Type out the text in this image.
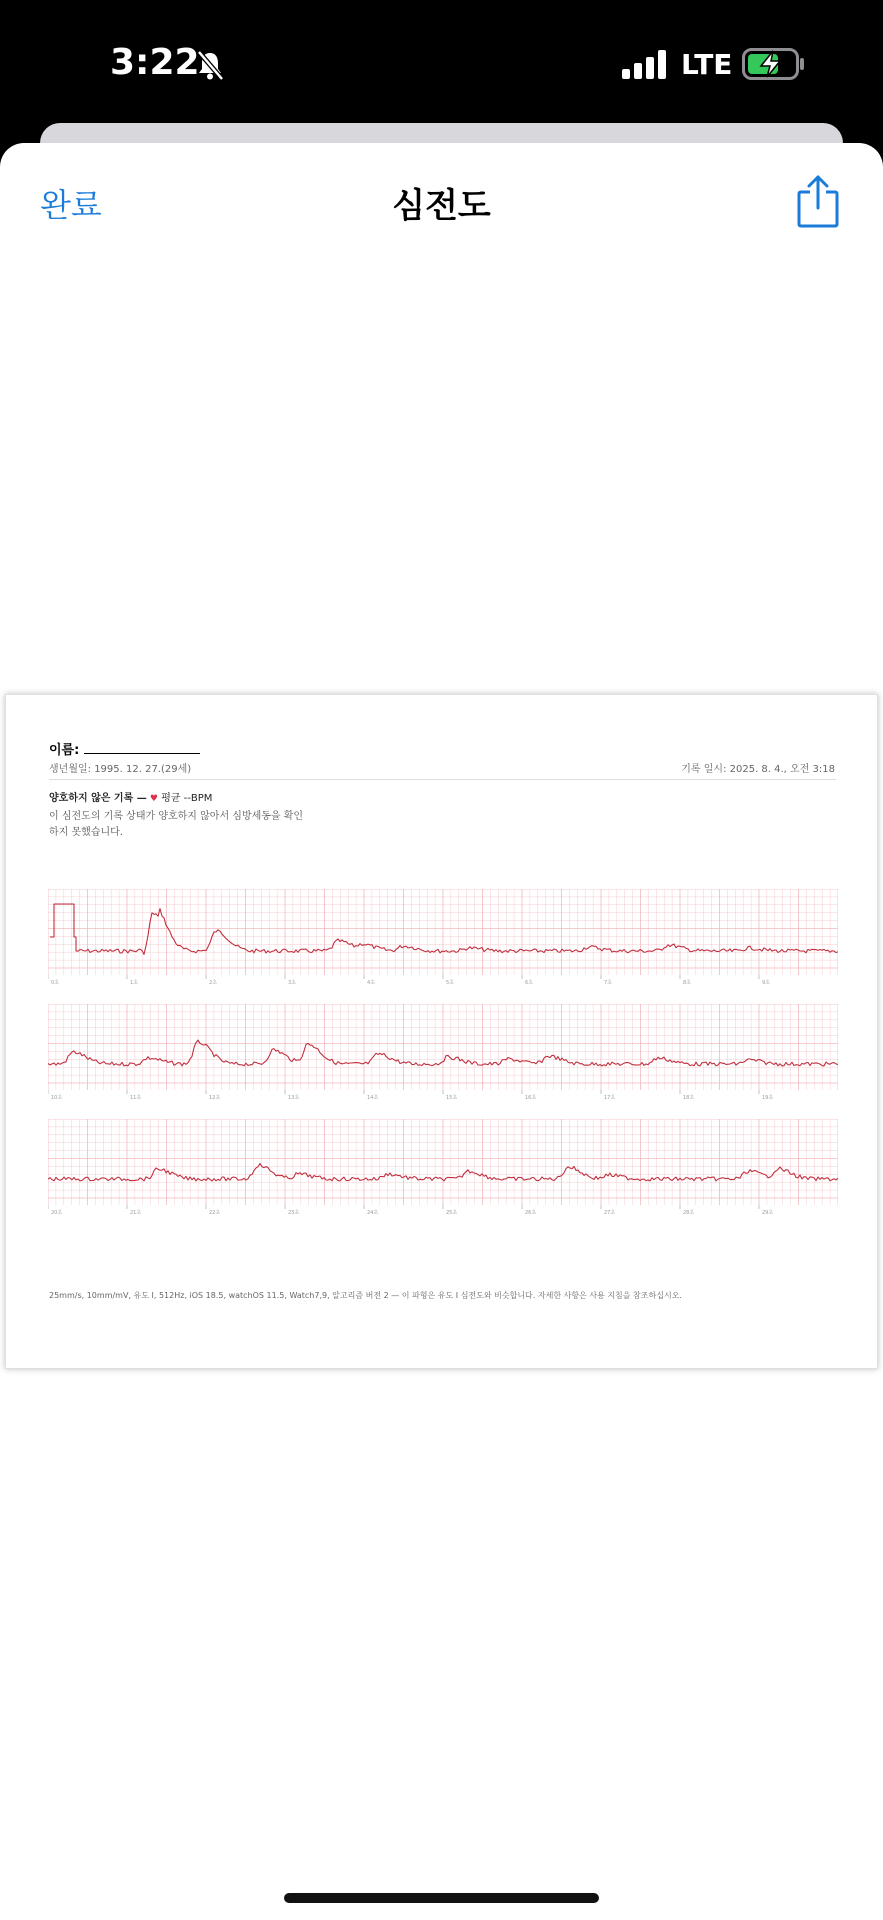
3:22	LTE
완료	심전도
이름:
생년월일: 1995. 12. 27.(29세)	기록 일시: 2025. 8. 4., 오전 3:18
양호하지 않은 기록 — ♥ 평균 --BPM
이 심전도의 기록 상태가 양호하지 않아서 심방세동을 확인하지 못했습니다.
0초	1초	2초	3초	4초	5초	6초	7초	8초	9초
10초	11초	12초	13초	14초	15초	16초	17초	18초	19초
20초	21초	22초	23초	24초	25초	26초	27초	28초	29초
25mm/s, 10mm/mV, 유도 I, 512Hz, iOS 18.5, watchOS 11.5, Watch7,9, 알고리즘 버전 2 — 이 파형은 유도 I 심전도와 비슷합니다. 자세한 사항은 사용 지침을 참조하십시오.
